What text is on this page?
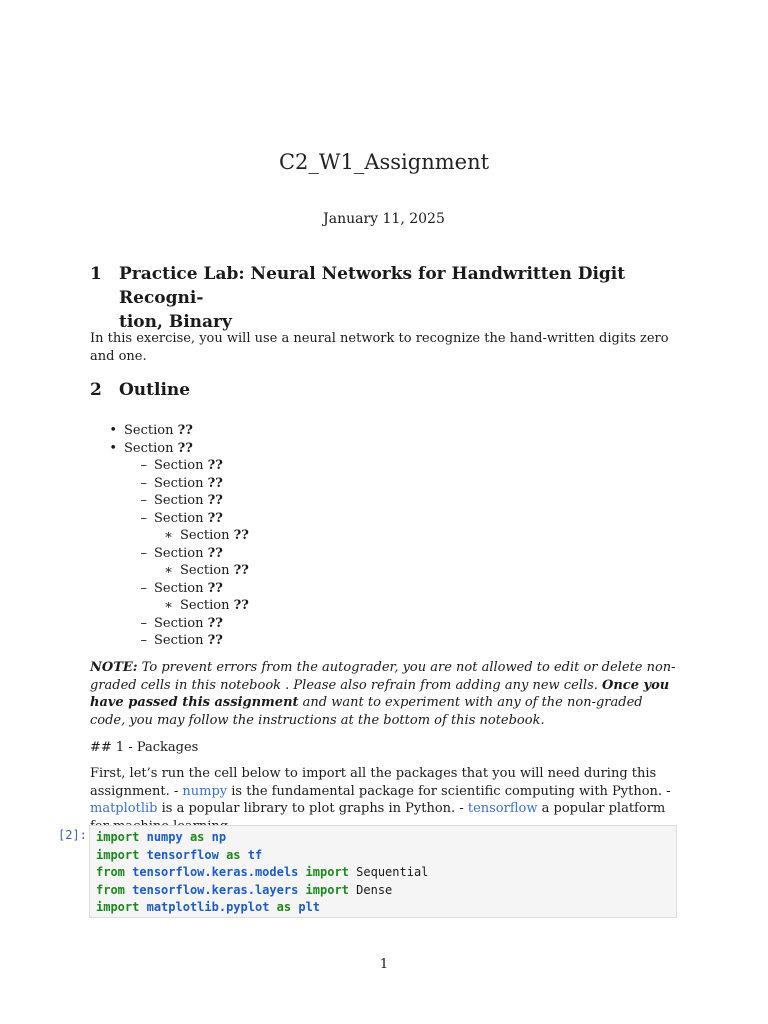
C2_W1_Assignment
January 11, 2025
1	Practice Lab: Neural Networks for Handwritten Digit Recogni-
tion, Binary
In this exercise, you will use a neural network to recognize the hand-written digits zero and one.
2	Outline
• Section
??
• Section
??
– Section
??
– Section
??
– Section
??
– Section
??
∗ Section
??
– Section
??
∗ Section
??
– Section
??
∗ Section
??
– Section
??
– Section
??
NOTE: To prevent errors from the autograder, you are not allowed to edit or delete non-graded cells in this notebook . Please also refrain from adding any new cells. Once you have passed this assignment and want to experiment with any of the non-graded code, you may follow the instructions at the bottom of this notebook.
## 1 - Packages
First, let’s run the cell below to import all the packages that you will need during this assignment. - numpy is the fundamental package for scientific computing with Python. - matplotlib is a popular library to plot graphs in Python. - tensorflow a popular platform
[2]: import numpy as np
import tensorflow as tf
from tensorflow.keras.models import Sequential
from tensorflow.keras.layers import Dense
import matplotlib.pyplot as plt
1
